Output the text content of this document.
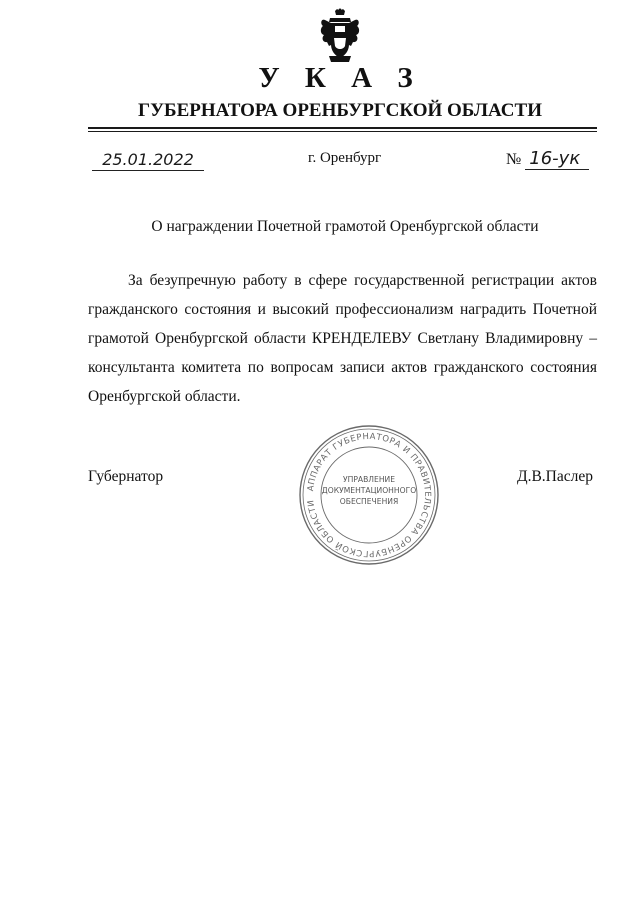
У К А З
ГУБЕРНАТОРА ОРЕНБУРГСКОЙ ОБЛАСТИ
25.01.2022	г. Оренбург	№ 16-ук
О награждении Почетной грамотой Оренбургской области
За безупречную работу в сфере государственной регистрации актов гражданского состояния и высокий профессионализм наградить Почетной грамотой Оренбургской области КРЕНДЕЛЕВУ Светлану Владимировну – консультанта комитета по вопросам записи актов гражданского состояния Оренбургской области.
Губернатор	Д.В.Паслер
АППАРАТ ГУБЕРНАТОРА И ПРАВИТЕЛЬСТВА ОРЕНБУРГСКОЙ ОБЛАСТИ
УПРАВЛЕНИЕ
ДОКУМЕНТАЦИОННОГО
ОБЕСПЕЧЕНИЯ
